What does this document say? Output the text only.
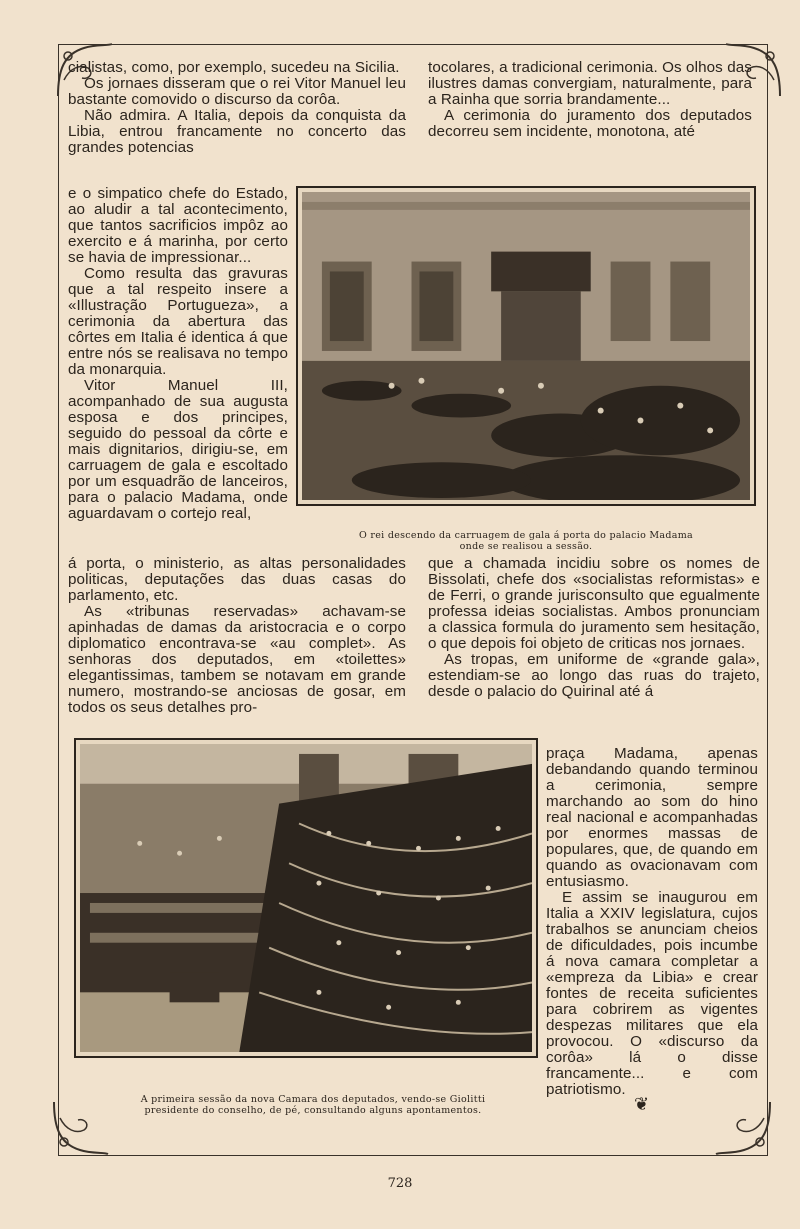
cialistas, como, por exemplo, sucedeu na Sicilia.

Os jornaes disseram que o rei Vitor Manuel leu bastante comovido o discurso da corôa.

Não admira. A Italia, depois da conquista da Libia, entrou francamente no concerto das grandes potencias

e o simpatico chefe do Estado, ao aludir a tal acontecimento, que tantos sacrificios impôz ao exercito e á marinha, por certo se havia de impressionar...

Como resulta das gravuras que a tal respeito insere a «Illustração Portugueza», a cerimonia da abertura das côrtes em Italia é identica á que entre nós se realisava no tempo da monarquia.

Vitor Manuel III, acompanhado de sua augusta esposa e dos principes, seguido do pessoal da côrte e mais dignitarios, dirigiu-se, em carruagem de gala e escoltado por um esquadrão de lanceiros, para o palacio Madama, onde aguardavam o cortejo real,

á porta, o ministerio, as altas personalidades politicas, deputações das duas casas do parlamento, etc.

As «tribunas reservadas» achavam-se apinhadas de damas da aristocracia e o corpo diplomatico encontrava-se «au complet». As senhoras dos deputados, em «toilettes» elegantissimas, tambem se notavam em grande numero, mostrando-se anciosas de gosar, em todos os seus detalhes pro-

tocolares, a tradicional cerimonia. Os olhos das ilustres damas convergiam, naturalmente, para a Rainha que sorria brandamente...

A cerimonia do juramento dos deputados decorreu sem incidente, monotona, até

que a chamada incidiu sobre os nomes de Bissolati, chefe dos «socialistas reformistas» e de Ferri, o grande jurisconsulto que egualmente professa ideias socialistas. Ambos pronunciam a classica formula do juramento sem hesitação, o que depois foi objeto de criticas nos jornaes.

As tropas, em uniforme de «grande gala», estendiam-se ao longo das ruas do trajeto, desde o palacio do Quirinal até á

praça Madama, apenas debandando quando terminou a cerimonia, sempre marchando ao som do hino real nacional e acompanhadas por enormes massas de populares, que, de quando em quando as ovacionavam com entusiasmo.

E assim se inaugurou em Italia a XXIV legislatura, cujos trabalhos se anunciam cheios de dificuldades, pois incumbe á nova camara completar a «empreza da Libia» e crear fontes de receita suficientes para cobrirem as vigentes despezas militares que ela provocou. O «discurso da corôa» lá o disse francamente... e com patriotismo.

O rei descendo da carruagem de gala á porta do palacio Madama
onde se realisou a sessão.
A primeira sessão da nova Camara dos deputados, vendo-se Giolitti
presidente do conselho, de pé, consultando alguns apontamentos.	❦
728
